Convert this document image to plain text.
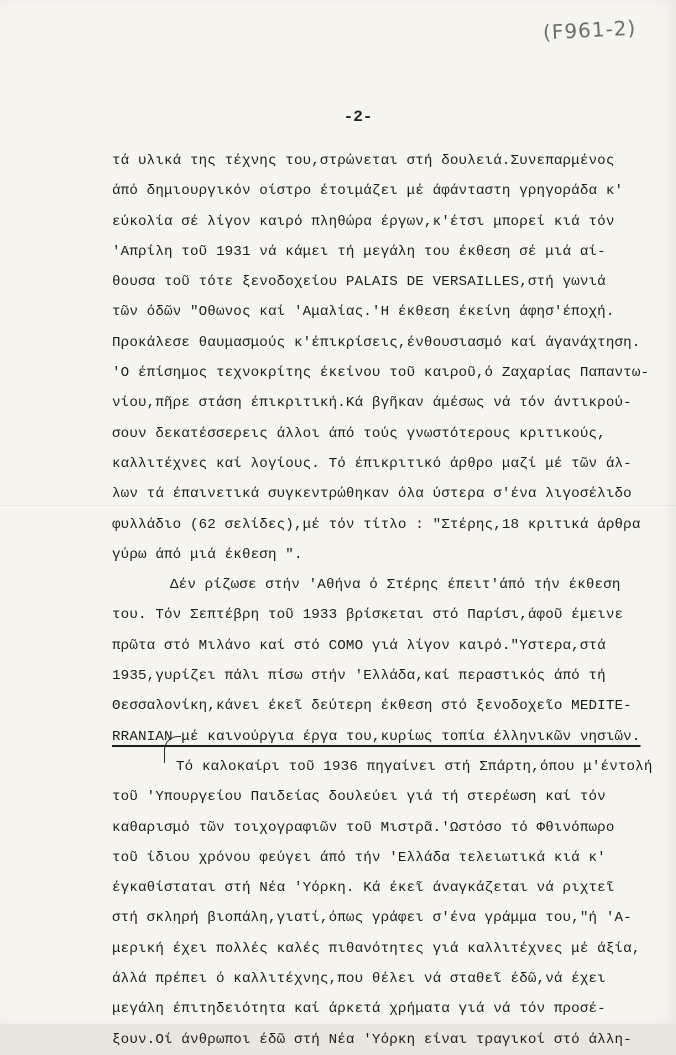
(F961-2)
-2-
τά υλικά της τέχνης του,στρώνεται στή δουλειά.Συνεπαρμένος
άπό δημιουργικόν οίστρο έτοιμάζει μέ άφάνταστη γρηγοράδα κ'
εύκολία σέ λίγον καιρό πληθώρα έργων,κ'έτσι μπορεί κιά τόν
'Απρίλη τοῦ 1931 νά κάμει τή μεγάλη του έκθεση σέ μιά αί-
θουσα τοῦ τότε ξενοδοχείου PALAIS DE VERSAILLES,στή γωνιά
τῶν όδῶν "Οθωνος καί 'Αμαλίας.'Η έκθεση έκείνη άφησ'έποχή.
Προκάλεσε θαυμασμούς κ'έπικρίσεις,ένθουσιασμό καί άγανάχτηση.
'Ο έπίσημος τεχνοκρίτης έκείνου τοῦ καιροῦ,ό Ζαχαρίας Παπαντω-
νίου,πῆρε στάση έπικριτική.Κά βγῆκαν άμέσως νά τόν άντικρού-
σουν δεκατέσσερεις άλλοι άπό τούς γνωστότερους κριτικούς,
καλλιτέχνες καί λογίους. Τό έπικριτικό άρθρο μαζί μέ τῶν άλ-
λων τά έπαινετικά συγκεντρώθηκαν όλα ύστερα σ'ένα λιγοσέλιδο
φυλλάδιο (62 σελίδες),μέ τόν τίτλο : "Στέρης,18 κριτικά άρθρα
γύρω άπό μιά έκθεση ".
Δέν ρίζωσε στήν 'Αθήνα ό Στέρης έπειτ'άπό τήν έκθεση
του. Τόν Σεπτέβρη τοῦ 1933 βρίσκεται στό Παρίσι,άφοῦ έμεινε
πρῶτα στό Μιλάνο καί στό COMO γιά λίγον καιρό."Υστερα,στά
1935,γυρίζει πάλι πίσω στήν 'Ελλάδα,καί περαστικός άπό τή
Θεσσαλονίκη,κάνει έκεῖ δεύτερη έκθεση στό ξενοδοχεῖο MEDITE-
RRANIAN μέ καινούργια έργα του,κυρίως τοπία έλληνικῶν νησιῶν.
Τό καλοκαίρι τοῦ 1936 πηγαίνει στή Σπάρτη,όπου μ'έντολή
τοῦ 'Υπουργείου Παιδείας δουλεύει γιά τή στερέωση καί τόν
καθαρισμό τῶν τοιχογραφιῶν τοῦ Μιστρᾶ.'Ωστόσο τό Φθινόπωρο
τοῦ ίδιου χρόνου φεύγει άπό τήν 'Ελλάδα τελειωτικά κιά κ'
έγκαθίσταται στή Νέα 'Υόρκη. Κά έκεῖ άναγκάζεται νά ριχτεῖ
στή σκληρή βιοπάλη,γιατί,όπως γράφει σ'ένα γράμμα του,"ή 'Α-
μερική έχει πολλές καλές πιθανότητες γιά καλλιτέχνες μέ άξία,
άλλά πρέπει ό καλλιτέχνης,που θέλει νά σταθεῖ έδῶ,νά έχει
μεγάλη έπιτηδειότητα καί άρκετά χρήματα γιά νά τόν προσέ-
ξουν.Οί άνθρωποι έδῶ στή Νέα 'Υόρκη είναι τραγικοί στό άλλη-
